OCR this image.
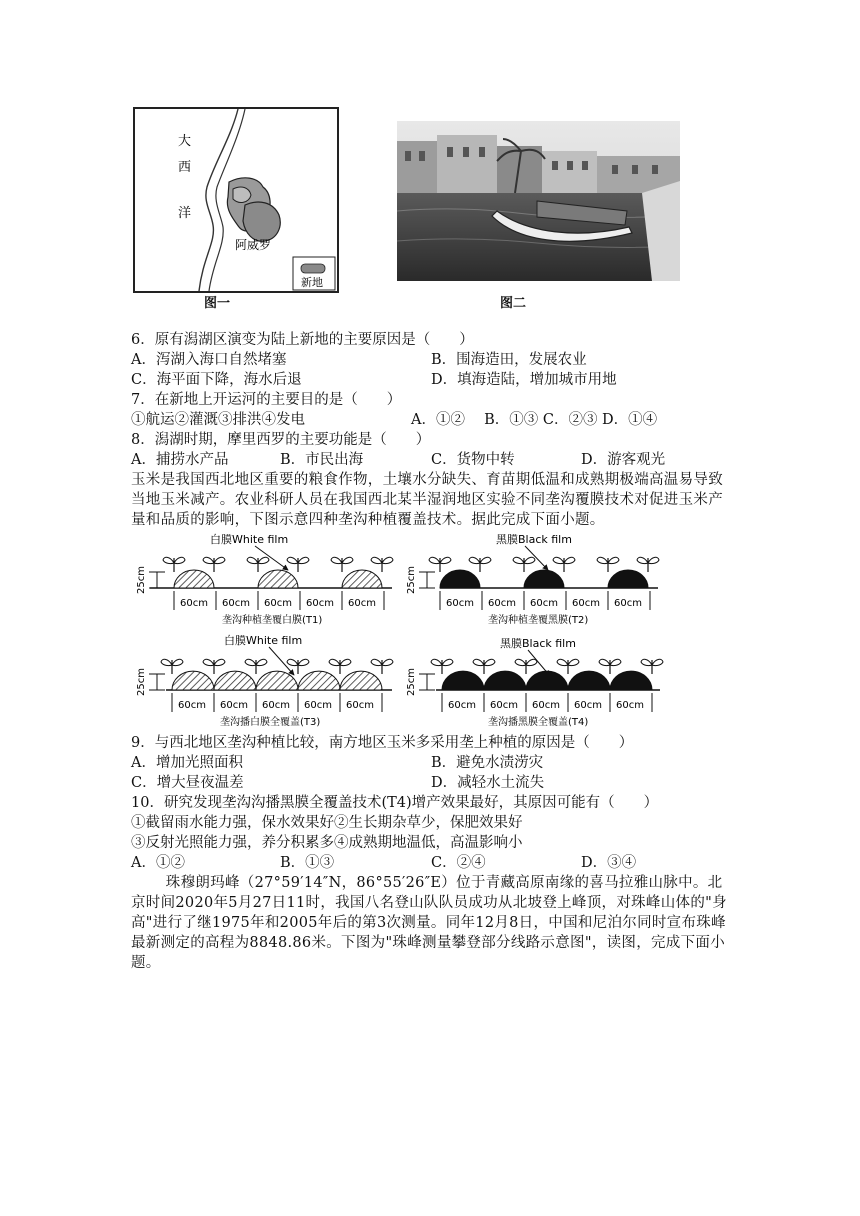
大
西
洋
阿威罗
新地
图一	图二
6．原有潟湖区演变为陆上新地的主要原因是（　　）
A．泻湖入海口自然堵塞	B．围海造田，发展农业
C．海平面下降，海水后退	D．填海造陆，增加城市用地
7．在新地上开运河的主要目的是（　　）
①航运②灌溉③排洪④发电	A．①②　 B．①③ C．②③ D．①④
8．潟湖时期，摩里西罗的主要功能是（　　）
A．捕捞水产品	B．市民出海	C．货物中转	D．游客观光
玉米是我国西北地区重要的粮食作物，土壤水分缺失、育苗期低温和成熟期极端高温易导致当地玉米减产。农业科研人员在我国西北某半湿润地区实验不同垄沟覆膜技术对促进玉米产量和品质的影响，下图示意四种垄沟种植覆盖技术。据此完成下面小题。
白膜White film
25cm
60cm 60cm 60cm 60cm 60cm
垄沟种植垄覆白膜(T1)
黑膜Black film
25cm
60cm 60cm 60cm 60cm 60cm
垄沟种植垄覆黑膜(T2)
白膜White film
25cm
60cm 60cm 60cm 60cm 60cm
垄沟播白膜全覆盖(T3)
黑膜Black film
25cm
60cm 60cm 60cm 60cm 60cm
垄沟播黑膜全覆盖(T4)
9．与西北地区垄沟种植比较，南方地区玉米多采用垄上种植的原因是（　　）
A．增加光照面积	B．避免水渍涝灾
C．增大昼夜温差	D．减轻水土流失
10．研究发现垄沟沟播黑膜全覆盖技术(T4)增产效果最好，其原因可能有（　　）
①截留雨水能力强，保水效果好②生长期杂草少，保肥效果好
③反射光照能力强，养分积累多④成熟期地温低，高温影响小
A．①②	B．①③	C．②④	D．③④
珠穆朗玛峰（27°59′14″N，86°55′26″E）位于青藏高原南缘的喜马拉雅山脉中。北京时间2020年5月27日11时，我国八名登山队队员成功从北坡登上峰顶，对珠峰山体的"身高"进行了继1975年和2005年后的第3次测量。同年12月8日，中国和尼泊尔同时宣布珠峰最新测定的高程为8848.86米。下图为"珠峰测量攀登部分线路示意图"，读图，完成下面小题。
